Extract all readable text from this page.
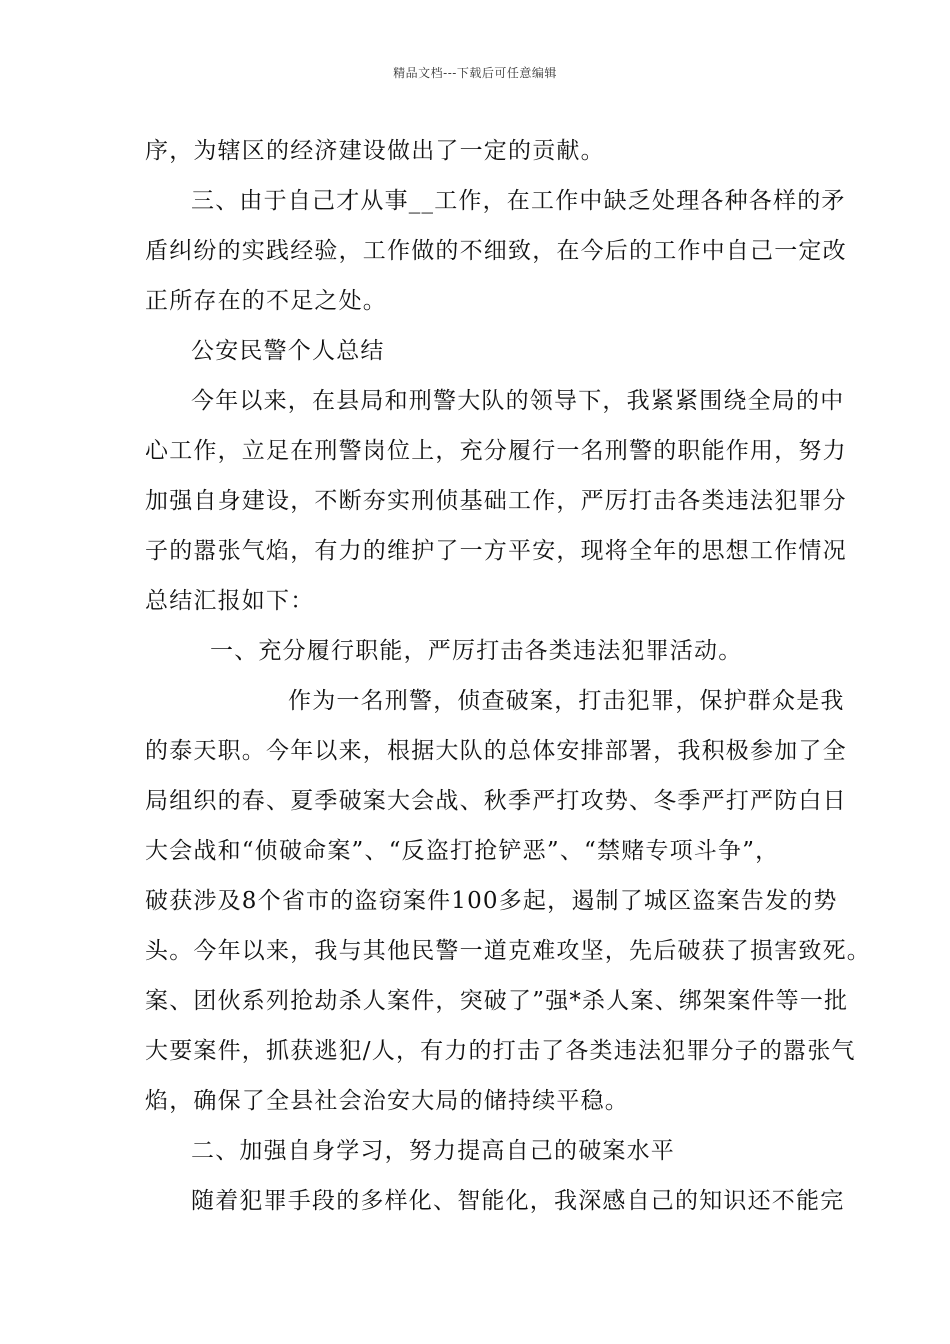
精品文档---下载后可任意编辑
序，为辖区的经济建设做出了一定的贡献。
三、由于自己才从事__工作，在工作中缺乏处理各种各样的矛
盾纠纷的实践经验，工作做的不细致，在今后的工作中自己一定改
正所存在的不足之处。
公安民警个人总结
今年以来，在县局和刑警大队的领导下，我紧紧围绕全局的中
心工作，立足在刑警岗位上，充分履行一名刑警的职能作用，努力
加强自身建设，不断夯实刑侦基础工作，严厉打击各类违法犯罪分
子的嚣张气焰，有力的维护了一方平安，现将全年的思想工作情况
总结汇报如下：
一、充分履行职能，严厉打击各类违法犯罪活动。
作为一名刑警，侦查破案，打击犯罪，保护群众是我
的泰天职。今年以来，根据大队的总体安排部署，我积极参加了全
局组织的春、夏季破案大会战、秋季严打攻势、冬季严打严防白日
大会战和“侦破命案”、“反盗打抢铲恶”、“禁赌专项斗争”，
破获涉及8个省市的盗窃案件100多起，遏制了城区盗案告发的势
头。今年以来，我与其他民警一道克难攻坚，先后破获了损害致死。
案、团伙系列抢劫杀人案件，突破了”强*杀人案、绑架案件等一批
大要案件，抓获逃犯/人，有力的打击了各类违法犯罪分子的嚣张气
焰，确保了全县社会治安大局的储持续平稳。
二、加强自身学习，努力提高自己的破案水平
随着犯罪手段的多样化、智能化，我深感自己的知识还不能完
